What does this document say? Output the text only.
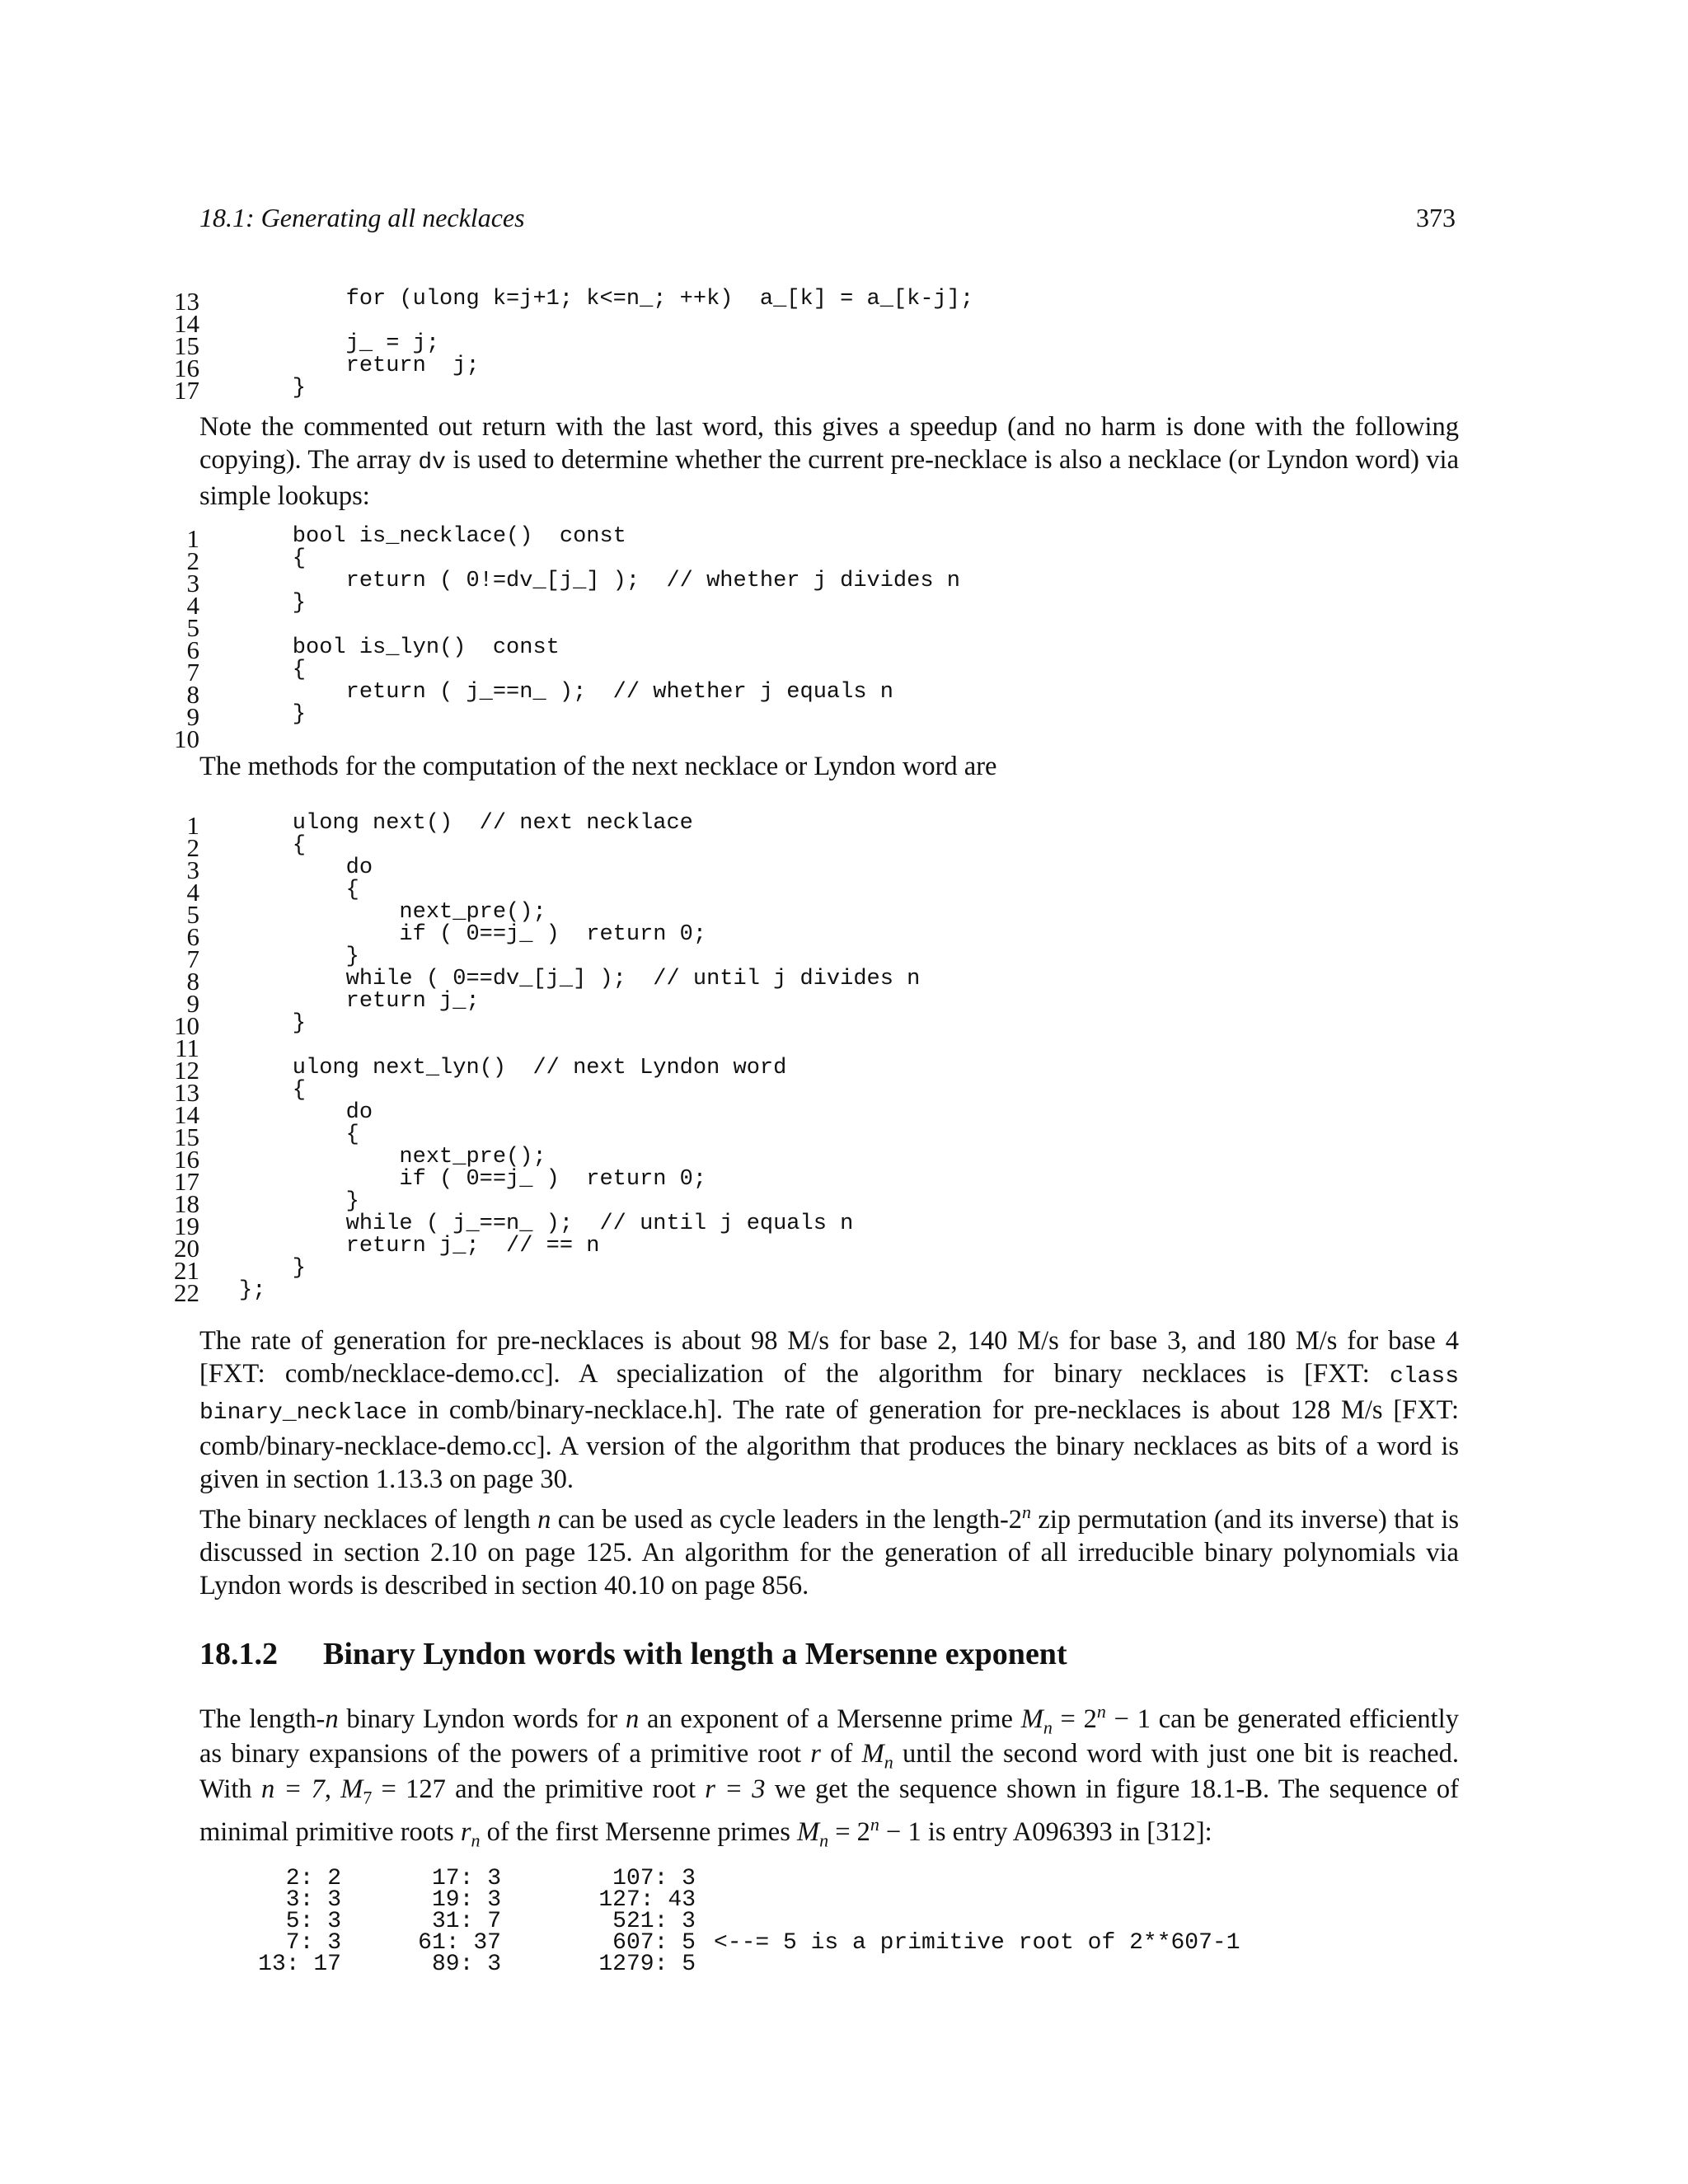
18.1: Generating all necklaces	373
13 for (ulong k=j+1; k<=n_; ++k)  a_[k] = a_[k-j];
14
15 j_ = j;
16 return  j;
17 }
Note the commented out return with the last word, this gives a speedup (and no harm is done with the following copying). The array dv is used to determine whether the current pre-necklace is also a necklace (or Lyndon word) via simple lookups:
1 bool is_necklace()  const
2 {
3 return ( 0!=dv_[j_] );  // whether j divides n
4 }
5
6 bool is_lyn()  const
7 {
8 return ( j_==n_ );  // whether j equals n
9 }
10
The methods for the computation of the next necklace or Lyndon word are
1 ulong next()  // next necklace
2 {
3 do
4 {
5 next_pre();
6 if ( 0==j_ )  return 0;
7 }
8 while ( 0==dv_[j_] );  // until j divides n
9 return j_;
10 }
11
12 ulong next_lyn()  // next Lyndon word
13 {
14 do
15 {
16 next_pre();
17 if ( 0==j_ )  return 0;
18 }
19 while ( j_==n_ );  // until j equals n
20 return j_;  // == n
21 }
22 };
The rate of generation for pre-necklaces is about 98 M/s for base 2, 140 M/s for base 3, and 180 M/s for base 4 [FXT: comb/necklace-demo.cc]. A specialization of the algorithm for binary necklaces is [FXT: class binary_necklace in comb/binary-necklace.h]. The rate of generation for pre-necklaces is about 128 M/s [FXT: comb/binary-necklace-demo.cc]. A version of the algorithm that produces the binary necklaces as bits of a word is given in section 1.13.3 on page 30.
The binary necklaces of length n can be used as cycle leaders in the length-2$^n$ zip permutation (and its inverse) that is discussed in section 2.10 on page 125. An algorithm for the generation of all irreducible binary polynomials via Lyndon words is described in section 40.10 on page 856.
18.1.2 Binary Lyndon words with length a Mersenne exponent
The length-n binary Lyndon words for n an exponent of a Mersenne prime $M_n = 2^n - 1$ can be generated efficiently as binary expansions of the powers of a primitive root r of $M_n$ until the second word with just one bit is reached. With n = 7, $M_7 = 127$ and the primitive root r = 3 we get the sequence shown in figure 18.1-B. The sequence of minimal primitive roots $r_n$ of the first Mersenne primes $M_n = 2^n - 1$ is entry A096393 in [312]:
2: 2
3: 3
5: 3
7: 3
13: 17
17: 3
19: 3
31: 7
61: 37
89: 3
107: 3
127: 43
521: 3
607: 5
1279: 5
<--= 5 is a primitive root of 2**607-1
